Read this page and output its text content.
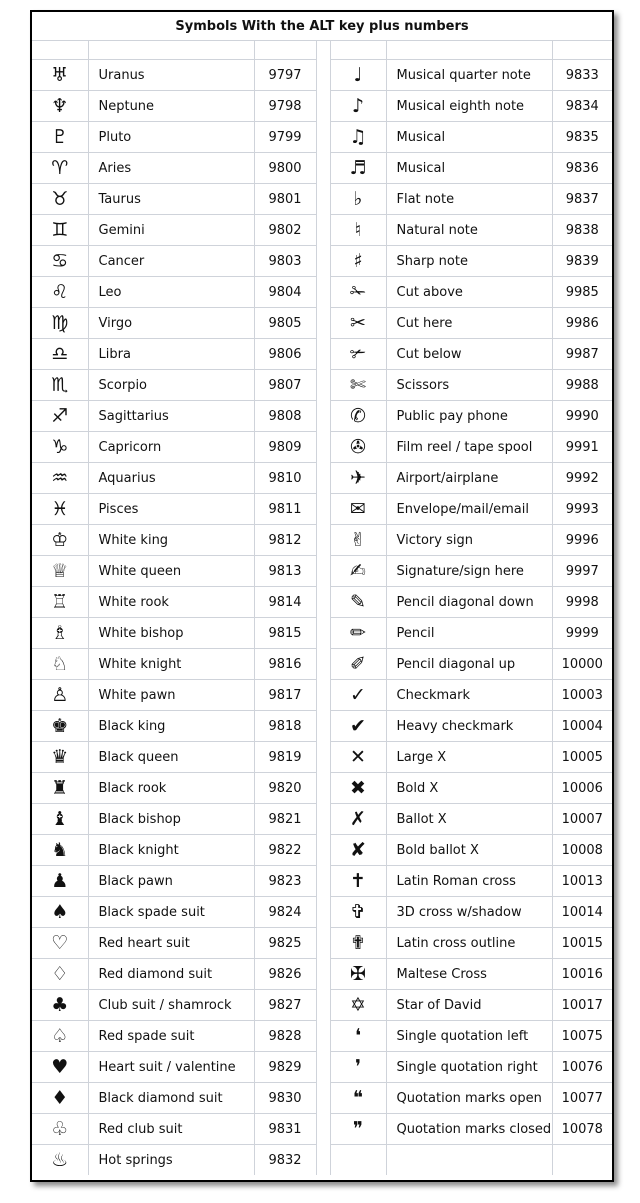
Symbols With the ALT key plus numbers						

♅	Uranus	9797		♩	Musical quarter note	9833
♆	Neptune	9798		♪	Musical eighth note	9834
♇	Pluto	9799		♫	Musical	9835
♈	Aries	9800		♬	Musical	9836
♉	Taurus	9801		♭	Flat note	9837
♊	Gemini	9802		♮	Natural note	9838
♋	Cancer	9803		♯	Sharp note	9839
♌	Leo	9804		✁	Cut above	9985
♍	Virgo	9805		✂	Cut here	9986
♎	Libra	9806		✃	Cut below	9987
♏	Scorpio	9807		✄	Scissors	9988
♐	Sagittarius	9808		✆	Public pay phone	9990
♑	Capricorn	9809		✇	Film reel / tape spool	9991
♒	Aquarius	9810		✈	Airport/airplane	9992
♓	Pisces	9811		✉	Envelope/mail/email	9993
♔	White king	9812		✌	Victory sign	9996
♕	White queen	9813		✍	Signature/sign here	9997
♖	White rook	9814		✎	Pencil diagonal down	9998
♗	White bishop	9815		✏	Pencil	9999
♘	White knight	9816		✐	Pencil diagonal up	10000
♙	White pawn	9817		✓	Checkmark	10003
♚	Black king	9818		✔	Heavy checkmark	10004
♛	Black queen	9819		✕	Large X	10005
♜	Black rook	9820		✖	Bold X	10006
♝	Black bishop	9821		✗	Ballot X	10007
♞	Black knight	9822		✘	Bold ballot X	10008
♟	Black pawn	9823		✝	Latin Roman cross	10013
♠	Black spade suit	9824		✞	3D cross w/shadow	10014
♡	Red heart suit	9825		✟	Latin cross outline	10015
♢	Red diamond suit	9826		✠	Maltese Cross	10016
♣	Club suit / shamrock	9827		✡	Star of David	10017
♤	Red spade suit	9828		❛	Single quotation left	10075
♥	Heart suit / valentine	9829		❜	Single quotation right	10076
♦	Black diamond suit	9830		❝	Quotation marks open	10077
♧	Red club suit	9831		❞	Quotation marks closed	10078
♨	Hot springs	9832				
